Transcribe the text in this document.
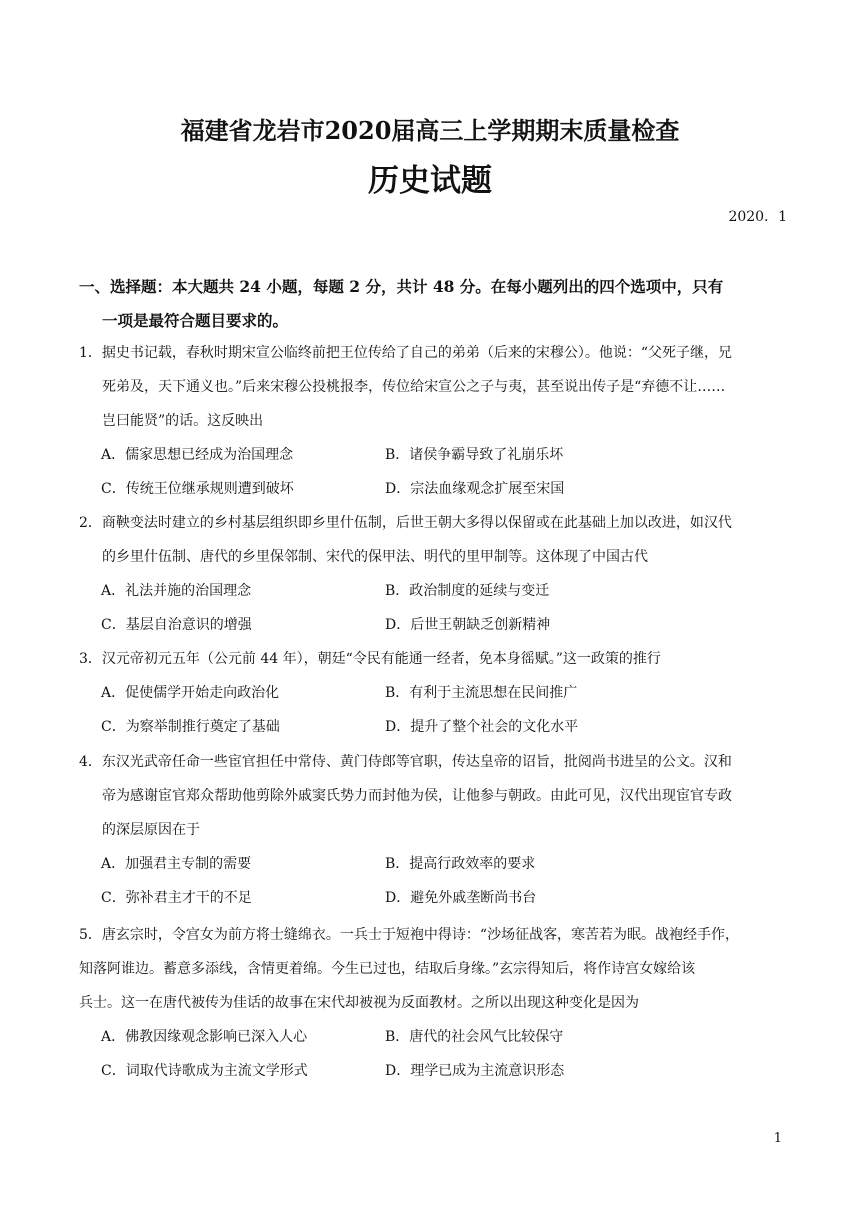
福建省龙岩市2020届高三上学期期末质量检查
历史试题
2020．1
一、选择题：本大题共 24 小题，每题 2 分，共计 48 分。在每小题列出的四个选项中，只有
一项是最符合题目要求的。
1．据史书记载，春秋时期宋宣公临终前把王位传给了自己的弟弟（后来的宋穆公）。他说：“父死子继，兄
死弟及，天下通义也。”后来宋穆公投桃报李，传位给宋宣公之子与夷，甚至说出传子是“弃德不让……
岂曰能贤”的话。这反映出
A．儒家思想已经成为治国理念	B．诸侯争霸导致了礼崩乐坏
C．传统王位继承规则遭到破坏	D．宗法血缘观念扩展至宋国
2．商鞅变法时建立的乡村基层组织即乡里什伍制，后世王朝大多得以保留或在此基础上加以改进，如汉代
的乡里什伍制、唐代的乡里保邻制、宋代的保甲法、明代的里甲制等。这体现了中国古代
A．礼法并施的治国理念	B．政治制度的延续与变迁
C．基层自治意识的增强	D．后世王朝缺乏创新精神
3．汉元帝初元五年（公元前 44 年），朝廷“令民有能通一经者，免本身徭赋。”这一政策的推行
A．促使儒学开始走向政治化	B．有利于主流思想在民间推广
C．为察举制推行奠定了基础	D．提升了整个社会的文化水平
4．东汉光武帝任命一些宦官担任中常侍、黄门侍郎等官职，传达皇帝的诏旨，批阅尚书进呈的公文。汉和
帝为感谢宦官郑众帮助他剪除外戚窦氏势力而封他为侯，让他参与朝政。由此可见，汉代出现宦官专政
的深层原因在于
A．加强君主专制的需要	B．提高行政效率的要求
C．弥补君主才干的不足	D．避免外戚垄断尚书台
5．唐玄宗时，令宫女为前方将士缝绵衣。一兵士于短袍中得诗：“沙场征战客，寒苦若为眠。战袍经手作，
知落阿谁边。蓄意多添线，含情更着绵。今生已过也，结取后身缘。”玄宗得知后，将作诗宫女嫁给该
兵士。这一在唐代被传为佳话的故事在宋代却被视为反面教材。之所以出现这种变化是因为
A．佛教因缘观念影响已深入人心	B．唐代的社会风气比较保守
C．词取代诗歌成为主流文学形式	D．理学已成为主流意识形态
1
